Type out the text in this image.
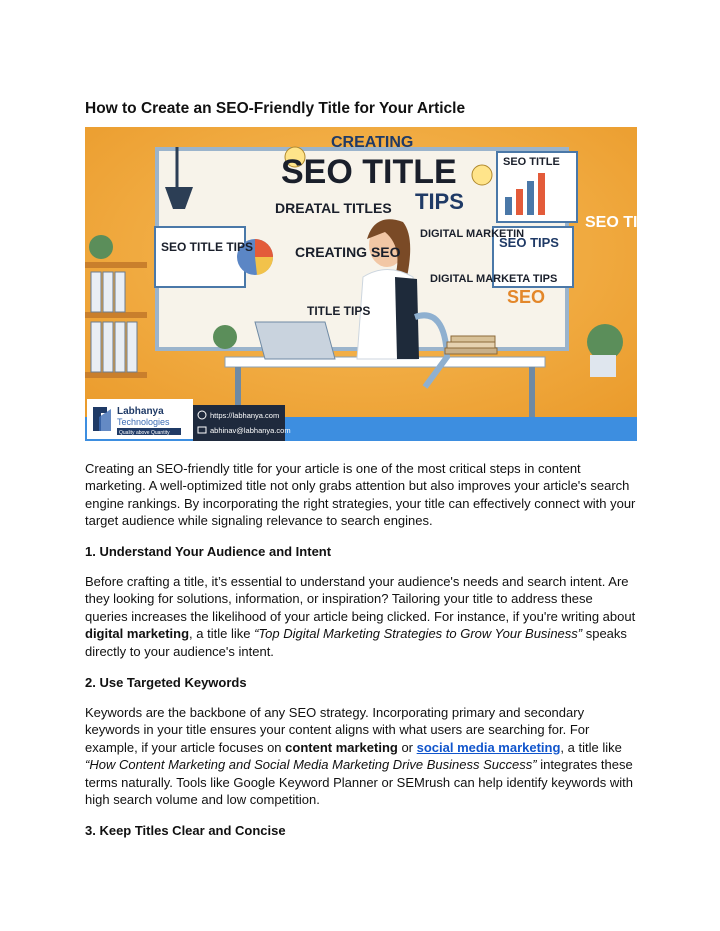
How to Create an SEO-Friendly Title for Your Article
CREATING
SEO TITLE
TIPS
SEO TITLE
SEO TIPS
SEO TITLE TIPS
DREATAL TITLES
CREATING SEO
TITLE TIPS
DIGITAL MARKETIN
DIGITAL MARKETA TIPS
SEO TIPS
SEO
Labhanya
Technologies
Quality above Quantity
https://labhanya.com
abhinav@labhanya.com

Creating an SEO-friendly title for your article is one of the most critical steps in content marketing. A well-optimized title not only grabs attention but also improves your article's search engine rankings. By incorporating the right strategies, your title can effectively connect with your target audience while signaling relevance to search engines.

1. Understand Your Audience and Intent

Before crafting a title, it’s essential to understand your audience's needs and search intent. Are they looking for solutions, information, or inspiration? Tailoring your title to address these queries increases the likelihood of your article being clicked. For instance, if you're writing about digital marketing, a title like “Top Digital Marketing Strategies to Grow Your Business” speaks directly to your audience's intent.

2. Use Targeted Keywords

Keywords are the backbone of any SEO strategy. Incorporating primary and secondary keywords in your title ensures your content aligns with what users are searching for. For example, if your article focuses on content marketing or social media marketing, a title like “How Content Marketing and Social Media Marketing Drive Business Success” integrates these terms naturally. Tools like Google Keyword Planner or SEMrush can help identify keywords with high search volume and low competition.

3. Keep Titles Clear and Concise
